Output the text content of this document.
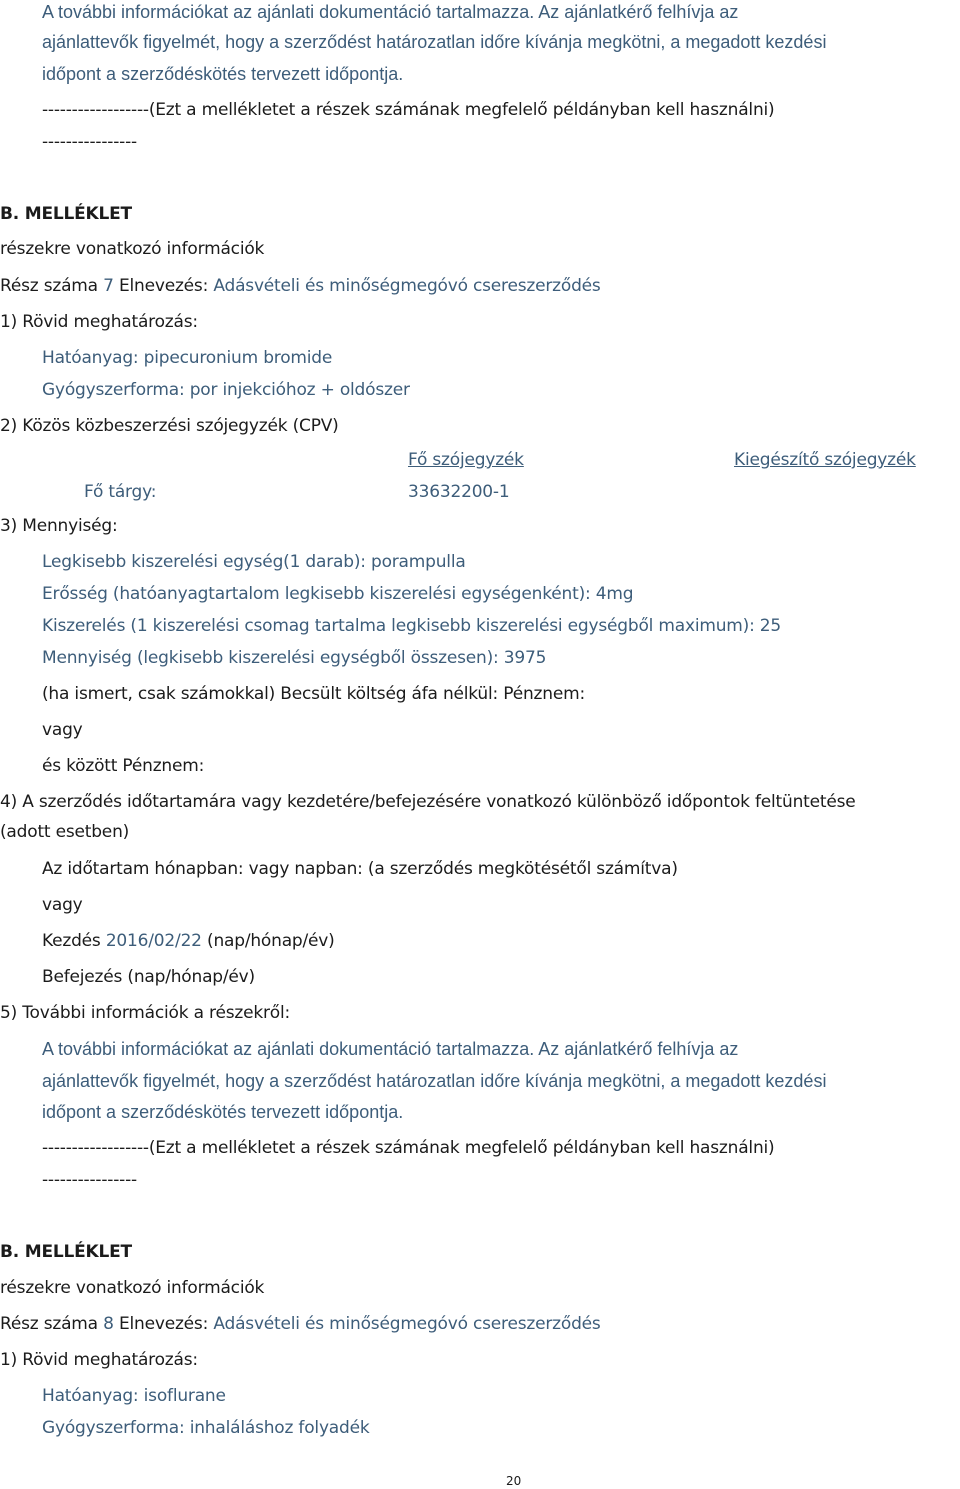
A további információkat az ajánlati dokumentáció tartalmazza. Az ajánlatkérő felhívja az
ajánlattevők figyelmét, hogy a szerződést határozatlan időre kívánja megkötni, a megadott kezdési
időpont a szerződéskötés tervezett időpontja.
------------------(Ezt a mellékletet a részek számának megfelelő példányban kell használni)
----------------
B. MELLÉKLET
részekre vonatkozó információk
Rész száma 7 Elnevezés: Adásvételi és minőségmegóvó csereszerződés
1) Rövid meghatározás:
Hatóanyag: pipecuronium bromide
Gyógyszerforma: por injekcióhoz + oldószer
2) Közös közbeszerzési szójegyzék (CPV)
Fő szójegyzék	Kiegészítő szójegyzék
Fő tárgy:	33632200-1
3) Mennyiség:
Legkisebb kiszerelési egység(1 darab): porampulla
Erősség (hatóanyagtartalom legkisebb kiszerelési egységenként): 4mg
Kiszerelés (1 kiszerelési csomag tartalma legkisebb kiszerelési egységből maximum): 25
Mennyiség (legkisebb kiszerelési egységből összesen): 3975
(ha ismert, csak számokkal) Becsült költség áfa nélkül: Pénznem:
vagy
és között Pénznem:
4) A szerződés időtartamára vagy kezdetére/befejezésére vonatkozó különböző időpontok feltüntetése
(adott esetben)
Az időtartam hónapban: vagy napban: (a szerződés megkötésétől számítva)
vagy
Kezdés 2016/02/22 (nap/hónap/év)
Befejezés (nap/hónap/év)
5) További információk a részekről:
A további információkat az ajánlati dokumentáció tartalmazza. Az ajánlatkérő felhívja az
ajánlattevők figyelmét, hogy a szerződést határozatlan időre kívánja megkötni, a megadott kezdési
időpont a szerződéskötés tervezett időpontja.
------------------(Ezt a mellékletet a részek számának megfelelő példányban kell használni)
----------------
B. MELLÉKLET
részekre vonatkozó információk
Rész száma 8 Elnevezés: Adásvételi és minőségmegóvó csereszerződés
1) Rövid meghatározás:
Hatóanyag: isoflurane
Gyógyszerforma: inhaláláshoz folyadék
20
